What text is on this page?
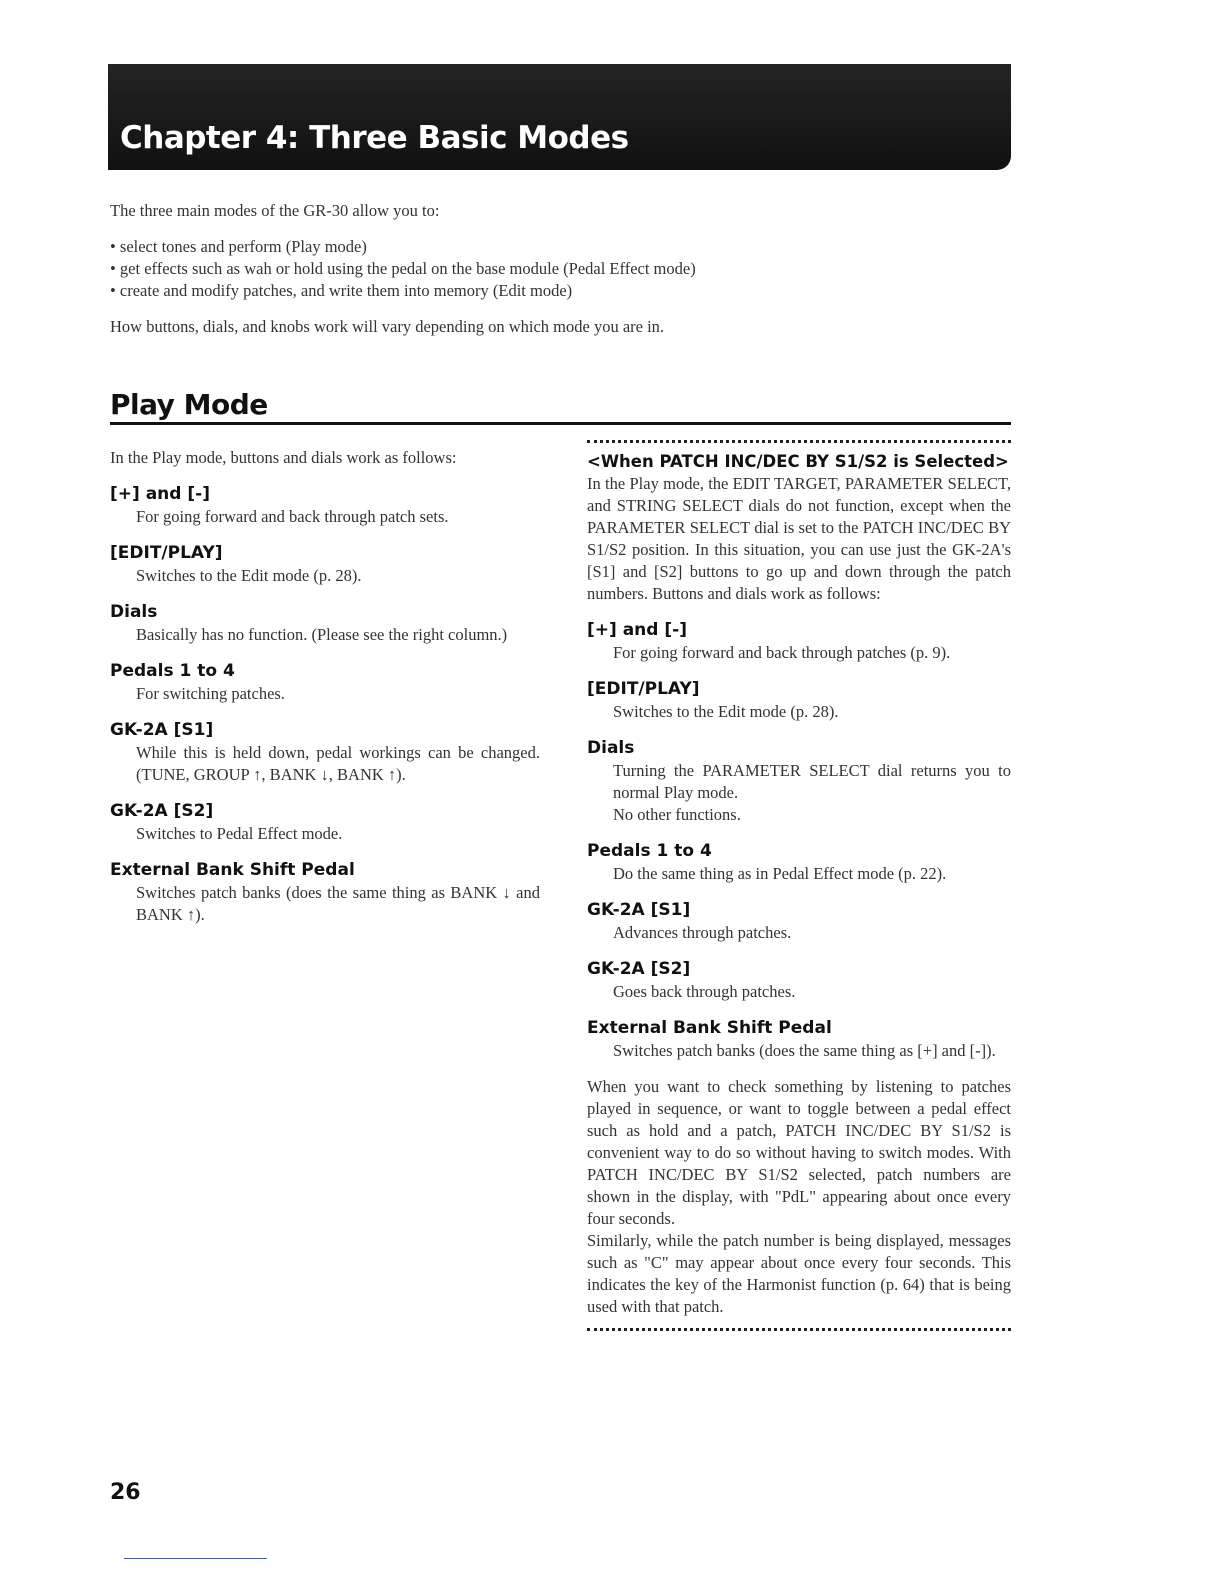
Chapter 4: Three Basic Modes

The three main modes of the GR-30 allow you to:

• select tones and perform (Play mode)
• get effects such as wah or hold using the pedal on the base module (Pedal Effect mode)
• create and modify patches, and write them into memory (Edit mode)

How buttons, dials, and knobs work will vary depending on which mode you are in.

Play Mode

In the Play mode, buttons and dials work as follows:

[+] and [-]

For going forward and back through patch sets.

[EDIT/PLAY]

Switches to the Edit mode (p. 28).

Dials

Basically has no function. (Please see the right column.)

Pedals 1 to 4

For switching patches.

GK-2A [S1]

While this is held down, pedal workings can be changed. (TUNE, GROUP ↑, BANK ↓, BANK ↑).

GK-2A [S2]

Switches to Pedal Effect mode.

External Bank Shift Pedal

Switches patch banks (does the same thing as BANK ↓ and BANK ↑).

<When PATCH INC/DEC BY S1/S2 is Selected>

In the Play mode, the EDIT TARGET, PARAMETER SELECT, and STRING SELECT dials do not function, except when the PARAMETER SELECT dial is set to the PATCH INC/DEC BY S1/S2 position. In this situation, you can use just the GK-2A's [S1] and [S2] buttons to go up and down through the patch numbers. Buttons and dials work as follows:

[+] and [-]

For going forward and back through patches (p. 9).

[EDIT/PLAY]

Switches to the Edit mode (p. 28).

Dials

Turning the PARAMETER SELECT dial returns you to normal Play mode.

No other functions.

Pedals 1 to 4

Do the same thing as in Pedal Effect mode (p. 22).

GK-2A [S1]

Advances through patches.

GK-2A [S2]

Goes back through patches.

External Bank Shift Pedal

Switches patch banks (does the same thing as [+] and [-]).

When you want to check something by listening to patches played in sequence, or want to toggle between a pedal effect such as hold and a patch, PATCH INC/DEC BY S1/S2 is convenient way to do so without having to switch modes. With PATCH INC/DEC BY S1/S2 selected, patch numbers are shown in the display, with "PdL" appearing about once every four seconds.

Similarly, while the patch number is being displayed, messages such as "C" may appear about once every four seconds. This indicates the key of the Harmonist function (p. 64) that is being used with that patch.

26
